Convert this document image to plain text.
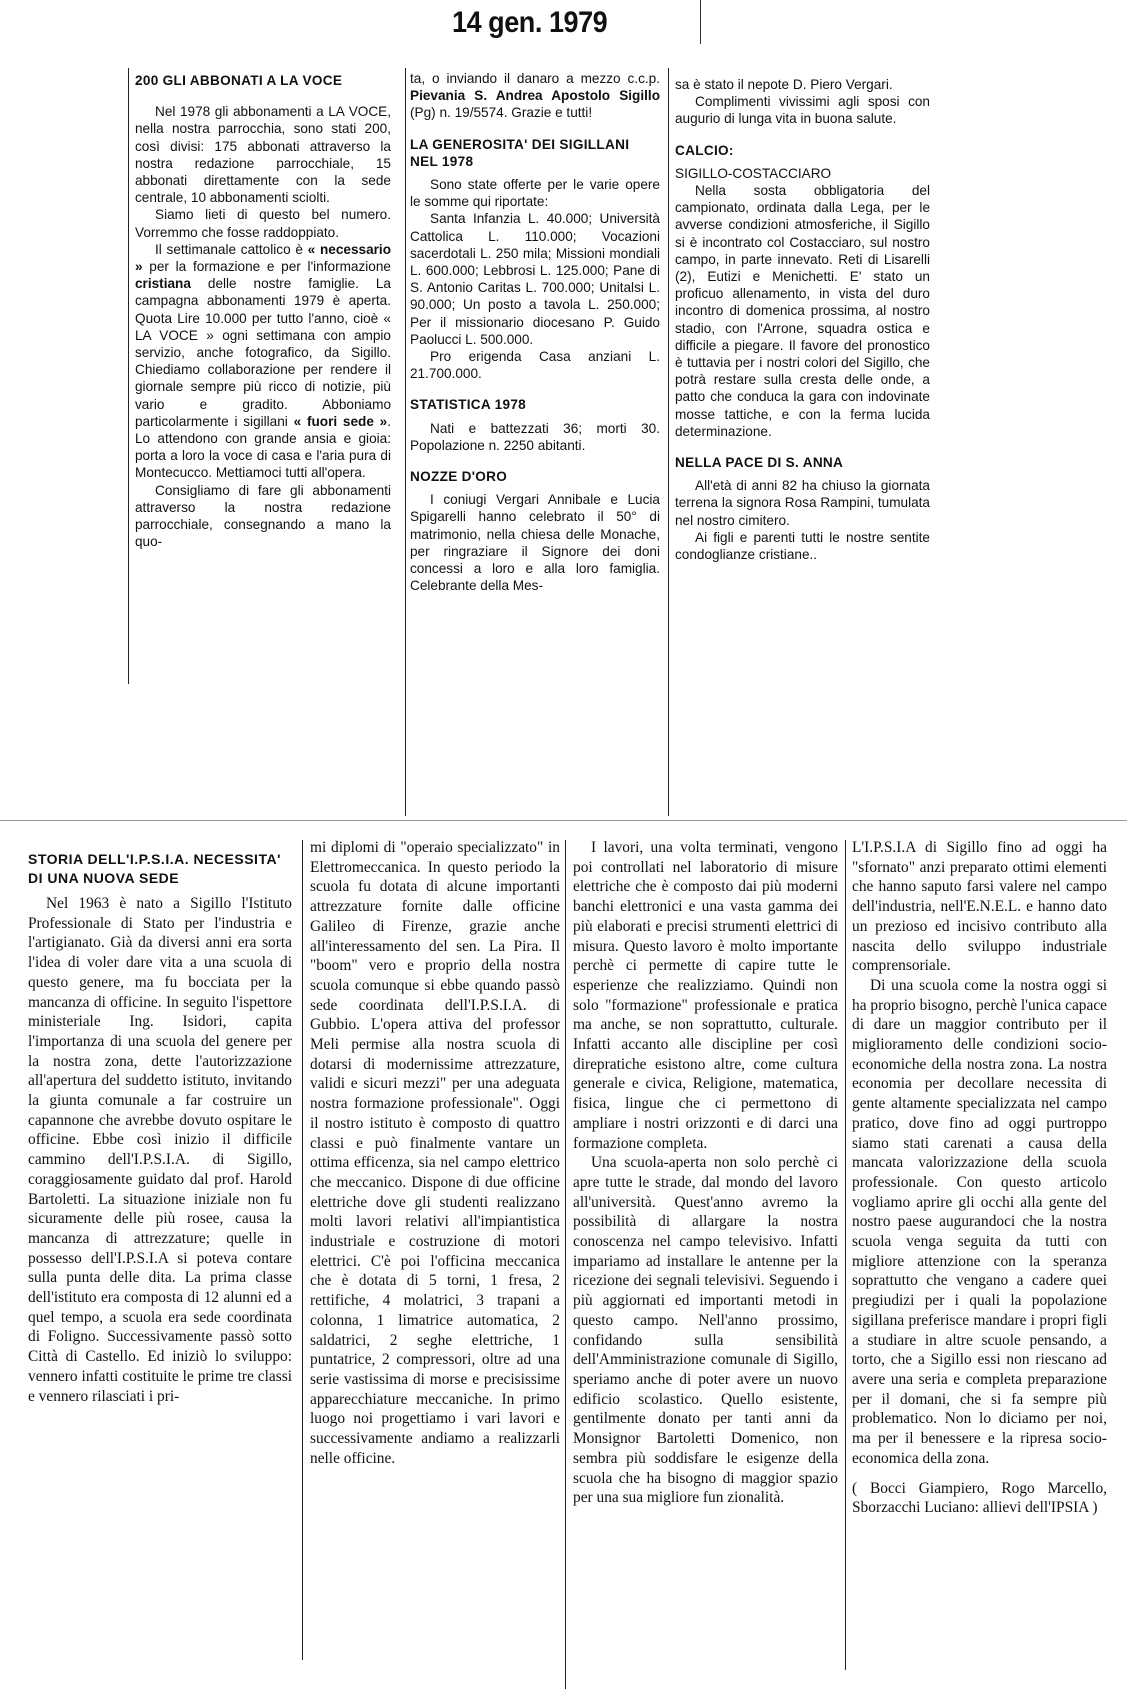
14 gen. 1979
200 GLI ABBONATI A LA VOCE

Nel 1978 gli abbonamenti a LA VOCE, nella nostra parrocchia, sono stati 200, così divisi: 175 abbonati attraverso la nostra redazione parrocchiale, 15 abbonati direttamente con la sede centrale, 10 abbonamenti sciolti.

Siamo lieti di questo bel numero. Vorremmo che fosse raddoppiato.

Il settimanale cattolico è « necessario » per la formazione e per l'informazione cristiana delle nostre famiglie. La campagna abbonamenti 1979 è aperta. Quota Lire 10.000 per tutto l'anno, cioè « LA VOCE » ogni settimana con ampio servizio, anche fotografico, da Sigillo. Chiediamo collaborazione per rendere il giornale sempre più ricco di notizie, più vario e gradito. Abboniamo particolarmente i sigillani « fuori sede ». Lo attendono con grande ansia e gioia: porta a loro la voce di casa e l'aria pura di Montecucco. Mettiamoci tutti all'opera.

Consigliamo di fare gli abbonamenti attraverso la nostra redazione parrocchiale, consegnando a mano la quo-

ta, o inviando il danaro a mezzo c.c.p. Pievania S. Andrea Apostolo Sigillo (Pg) n. 19/5574. Grazie e tutti!

LA GENEROSITA' DEI SIGILLANI NEL 1978

Sono state offerte per le varie opere le somme qui riportate:

Santa Infanzia L. 40.000; Università Cattolica L. 110.000; Vocazioni sacerdotali L. 250 mila; Missioni mondiali L. 600.000; Lebbrosi L. 125.000; Pane di S. Antonio Caritas L. 700.000; Unitalsi L. 90.000; Un posto a tavola L. 250.000; Per il missionario diocesano P. Guido Paolucci L. 500.000.

Pro erigenda Casa anziani L. 21.700.000.

STATISTICA 1978

Nati e battezzati 36; morti 30. Popolazione n. 2250 abitanti.

NOZZE D'ORO

I coniugi Vergari Annibale e Lucia Spigarelli hanno celebrato il 50° di matrimonio, nella chiesa delle Monache, per ringraziare il Signore dei doni concessi a loro e alla loro famiglia. Celebrante della Mes-

sa è stato il nepote D. Piero Vergari.

Complimenti vivissimi agli sposi con augurio di lunga vita in buona salute.

CALCIO:

SIGILLO-COSTACCIARO

Nella sosta obbligatoria del campionato, ordinata dalla Lega, per le avverse condizioni atmosferiche, il Sigillo si è incontrato col Costacciaro, sul nostro campo, in parte innevato. Reti di Lisarelli (2), Eutizi e Menichetti. E' stato un proficuo allenamento, in vista del duro incontro di domenica prossima, al nostro stadio, con l'Arrone, squadra ostica e difficile a piegare. Il favore del pronostico è tuttavia per i nostri colori del Sigillo, che potrà restare sulla cresta delle onde, a patto che conduca la gara con indovinate mosse tattiche, e con la ferma lucida determinazione.

NELLA PACE DI S. ANNA

All'età di anni 82 ha chiuso la giornata terrena la signora Rosa Rampini, tumulata nel nostro cimitero.

Ai figli e parenti tutti le nostre sentite condoglianze cristiane..

STORIA DELL'I.P.S.I.A. NECESSITA' DI UNA NUOVA SEDE

Nel 1963 è nato a Sigillo l'Istituto Professionale di Stato per l'industria e l'artigianato. Già da diversi anni era sorta l'idea di voler dare vita a una scuola di questo genere, ma fu bocciata per la mancanza di officine. In seguito l'ispettore ministeriale Ing. Isidori, capita l'importanza di una scuola del genere per la nostra zona, dette l'autorizzazione all'apertura del suddetto istituto, invitando la giunta comunale a far costruire un capannone che avrebbe dovuto ospitare le officine. Ebbe così inizio il difficile cammino dell'I.P.S.I.A. di Sigillo, coraggiosamente guidato dal prof. Harold Bartoletti. La situazione iniziale non fu sicuramente delle più rosee, causa la mancanza di attrezzature; quelle in possesso dell'I.P.S.I.A si poteva contare sulla punta delle dita. La prima classe dell'istituto era composta di 12 alunni ed a quel tempo, a scuola era sede coordinata di Foligno. Successivamente passò sotto Città di Castello. Ed iniziò lo sviluppo: vennero infatti costituite le prime tre classi e vennero rilasciati i pri-

mi diplomi di "operaio specializzato" in Elettromeccanica. In questo periodo la scuola fu dotata di alcune importanti attrezzature fornite dalle officine Galileo di Firenze, grazie anche all'interessamento del sen. La Pira. Il "boom" vero e proprio della nostra scuola comunque si ebbe quando passò sede coordinata dell'I.P.S.I.A. di Gubbio. L'opera attiva del professor Meli permise alla nostra scuola di dotarsi di modernissime attrezzature, validi e sicuri mezzi" per una adeguata nostra formazione professionale". Oggi il nostro istituto è composto di quattro classi e può finalmente vantare un ottima efficenza, sia nel campo elettrico che meccanico. Dispone di due officine elettriche dove gli studenti realizzano molti lavori relativi all'impiantistica industriale e costruzione di motori elettrici. C'è poi l'officina meccanica che è dotata di 5 torni, 1 fresa, 2 rettifiche, 4 molatrici, 3 trapani a colonna, 1 limatrice automatica, 2 saldatrici, 2 seghe elettriche, 1 puntatrice, 2 compressori, oltre ad una serie vastissima di morse e precisissime apparecchiature meccaniche. In primo luogo noi progettiamo i vari lavori e successivamente andiamo a realizzarli nelle officine.

I lavori, una volta terminati, vengono poi controllati nel laboratorio di misure elettriche che è composto dai più moderni banchi elettronici e una vasta gamma dei più elaborati e precisi strumenti elettrici di misura. Questo lavoro è molto importante perchè ci permette di capire tutte le esperienze che realizziamo. Quindi non solo "formazione" professionale e pratica ma anche, se non soprattutto, culturale. Infatti accanto alle discipline per così direpratiche esistono altre, come cultura generale e civica, Religione, matematica, fisica, lingue che ci permettono di ampliare i nostri orizzonti e di darci una formazione completa.

Una scuola-aperta non solo perchè ci apre tutte le strade, dal mondo del lavoro all'università. Quest'anno avremo la possibilità di allargare la nostra conoscenza nel campo televisivo. Infatti impariamo ad installare le antenne per la ricezione dei segnali televisivi. Seguendo i più aggiornati ed importanti metodi in questo campo. Nell'anno prossimo, confidando sulla sensibilità dell'Amministrazione comunale di Sigillo, speriamo anche di poter avere un nuovo edificio scolastico. Quello esistente, gentilmente donato per tanti anni da Monsignor Bartoletti Domenico, non sembra più soddisfare le esigenze della scuola che ha bisogno di maggior spazio per una sua migliore fun zionalità.

L'I.P.S.I.A di Sigillo fino ad oggi ha "sfornato" anzi preparato ottimi elementi che hanno saputo farsi valere nel campo dell'industria, nell'E.N.E.L. e hanno dato un prezioso ed incisivo contributo alla nascita dello sviluppo industriale comprensoriale.

Di una scuola come la nostra oggi si ha proprio bisogno, perchè l'unica capace di dare un maggior contributo per il miglioramento delle condizioni socio-economiche della nostra zona. La nostra economia per decollare necessita di gente altamente specializzata nel campo pratico, dove fino ad oggi purtroppo siamo stati carenati a causa della mancata valorizzazione della scuola professionale. Con questo articolo vogliamo aprire gli occhi alla gente del nostro paese augurandoci che la nostra scuola venga seguita da tutti con migliore attenzione con la speranza soprattutto che vengano a cadere quei pregiudizi per i quali la popolazione sigillana preferisce mandare i propri figli a studiare in altre scuole pensando, a torto, che a Sigillo essi non riescano ad avere una seria e completa preparazione per il domani, che si fa sempre più problematico. Non lo diciamo per noi, ma per il benessere e la ripresa socio-economica della zona.

( Bocci Giampiero, Rogo Marcello, Sborzacchi Luciano: allievi dell'IPSIA )
